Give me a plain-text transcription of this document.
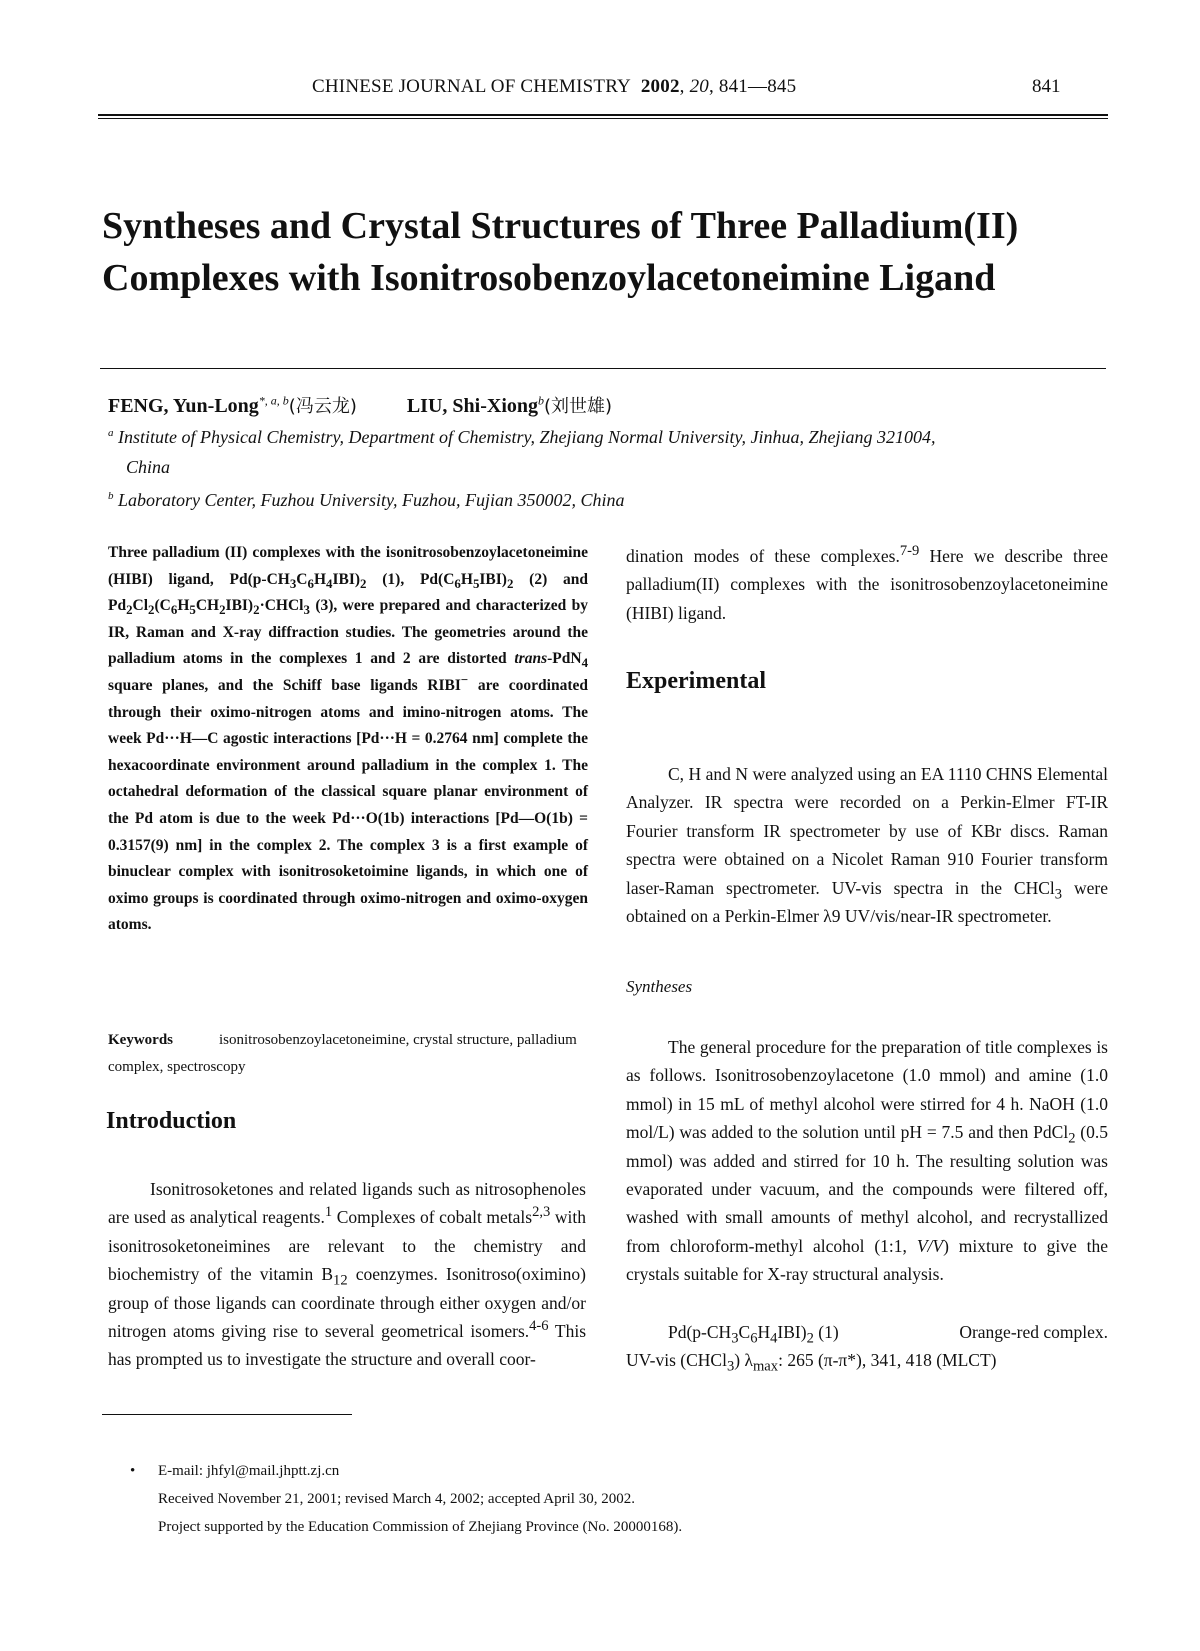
CHINESE JOURNAL OF CHEMISTRY 2002, 20, 841—845	841
Syntheses and Crystal Structures of Three Palladium(II)
Complexes with Isonitrosobenzoylacetoneimine Ligand
FENG, Yun-Long$^{*, a, b}$(冯云龙)	LIU, Shi-Xiong$^b$(刘世雄)
$^a$ Institute of Physical Chemistry, Department of Chemistry, Zhejiang Normal University, Jinhua, Zhejiang 321004,
China
$^b$ Laboratory Center, Fuzhou University, Fuzhou, Fujian 350002, China
Three palladium (II) complexes with the isonitrosobenzoylacetoneimine (HIBI) ligand, $Pd(p-CH_3C_6H_4IBI)_2$ (1), $Pd(C_6H_5IBI)_2$ (2) and $Pd_2Cl_2(C_6H_5CH_2IBI)_2\cdot CHCl_3$ (3), were prepared and characterized by IR, Raman and X-ray diffraction studies. The geometries around the palladium atoms in the complexes 1 and 2 are distorted trans-PdN$_4$ square planes, and the Schiff base ligands RIBI− are coordinated through their oximo-nitrogen atoms and imino-nitrogen atoms. The week Pd···H—C agostic interactions [Pd···H = 0.2764 nm] complete the hexacoordinate environment around palladium in the complex 1. The octahedral deformation of the classical square planar environment of the Pd atom is due to the week Pd···O(1b) interactions [Pd—O(1b) = 0.3157(9) nm] in the complex 2. The complex 3 is a first example of binuclear complex with isonitrosoketoimine ligands, in which one of oximo groups is coordinated through oximo-nitrogen and oximo-oxygen atoms.
Keywords	isonitrosobenzoylacetoneimine, crystal structure, palladium complex, spectroscopy
Introduction
Isonitrosoketones and related ligands such as nitrosophenoles are used as analytical reagents.$^1$ Complexes of cobalt metals$^{2,3}$ with isonitrosoketoneimines are relevant to the chemistry and biochemistry of the vitamin $B_{12}$ coenzymes. Isonitroso(oximino) group of those ligands can coordinate through either oxygen and/or nitrogen atoms giving rise to several geometrical isomers.$^{4-6}$ This has prompted us to investigate the structure and overall coor-
dination modes of these complexes.$^{7-9}$ Here we describe three palladium(II) complexes with the isonitrosobenzoylacetoneimine (HIBI) ligand.
Experimental
C, H and N were analyzed using an EA 1110 CHNS Elemental Analyzer. IR spectra were recorded on a Perkin-Elmer FT-IR Fourier transform IR spectrometer by use of KBr discs. Raman spectra were obtained on a Nicolet Raman 910 Fourier transform laser-Raman spectrometer. UV-vis spectra in the CHCl$_3$ were obtained on a Perkin-Elmer λ9 UV/vis/near-IR spectrometer.
Syntheses
The general procedure for the preparation of title complexes is as follows. Isonitrosobenzoylacetone (1.0 mmol) and amine (1.0 mmol) in 15 mL of methyl alcohol were stirred for 4 h. NaOH (1.0 mol/L) was added to the solution until pH = 7.5 and then PdCl$_2$ (0.5 mmol) was added and stirred for 10 h. The resulting solution was evaporated under vacuum, and the compounds were filtered off, washed with small amounts of methyl alcohol, and recrystallized from chloroform-methyl alcohol (1:1, V/V) mixture to give the crystals suitable for X-ray structural analysis.
$Pd(p-CH_3C_6H_4IBI)_2$ (1)	Orange-red complex.
UV-vis (CHCl$_3$) $\lambda_{max}$: 265 (π-π*), 341, 418 (MLCT)
• E-mail: jhfyl@mail.jhptt.zj.cn
Received November 21, 2001; revised March 4, 2002; accepted April 30, 2002.
Project supported by the Education Commission of Zhejiang Province (No. 20000168).
